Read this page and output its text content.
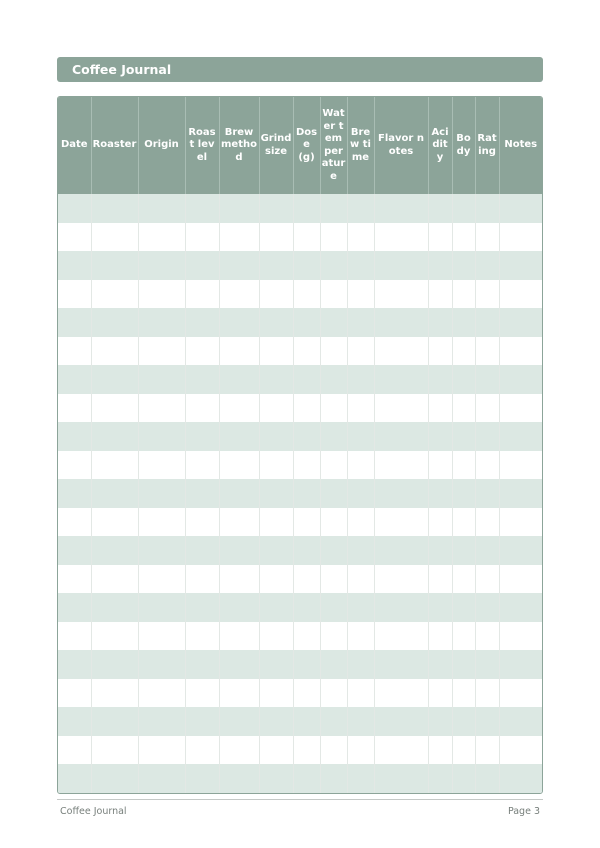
Coffee Journal
Date	Roaster	Origin	Roast level	Brew method	Grind size	Dose (g)	Water temperature	Brew time	Flavor notes	Acidity	Body	Rating	Notes

Coffee Journal	Page 3
